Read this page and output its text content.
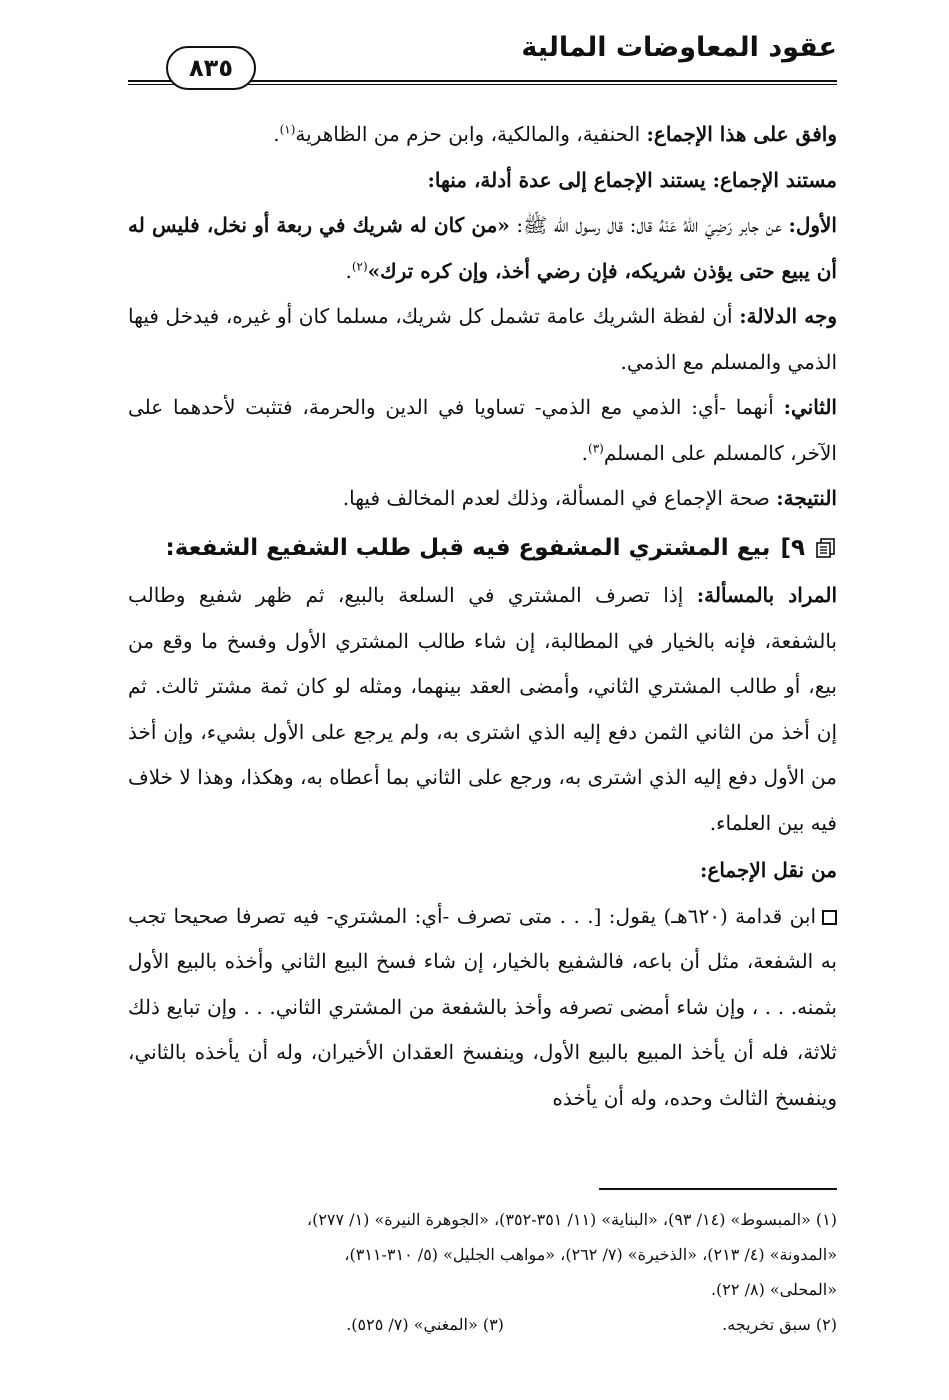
عقود المعاوضات المالية
٨٣٥

وافق على هذا الإجماع: الحنفية، والمالكية، وابن حزم من الظاهرية$^{(١)}$.

مستند الإجماع: يستند الإجماع إلى عدة أدلة، منها:

الأول: عن جابر رَضِيَ اللهُ عَنْهُ قال: قال رسول الله ﷺ: «من كان له شريك في ربعة أو نخل، فليس له أن يبيع حتى يؤذن شريكه، فإن رضي أخذ، وإن كره ترك»$^{(٢)}$.

وجه الدلالة: أن لفظة الشريك عامة تشمل كل شريك، مسلما كان أو غيره، فيدخل فيها الذمي والمسلم مع الذمي.

الثاني: أنهما -أي: الذمي مع الذمي- تساويا في الدين والحرمة، فتثبت لأحدهما على الآخر، كالمسلم على المسلم$^{(٣)}$.

النتيجة: صحة الإجماع في المسألة، وذلك لعدم المخالف فيها.

٩]
بيع المشتري المشفوع فيه قبل طلب الشفيع الشفعة:

المراد بالمسألة: إذا تصرف المشتري في السلعة بالبيع، ثم ظهر شفيع وطالب بالشفعة، فإنه بالخيار في المطالبة، إن شاء طالب المشتري الأول وفسخ ما وقع من بيع، أو طالب المشتري الثاني، وأمضى العقد بينهما، ومثله لو كان ثمة مشتر ثالث. ثم إن أخذ من الثاني الثمن دفع إليه الذي اشترى به، ولم يرجع على الأول بشيء، وإن أخذ من الأول دفع إليه الذي اشترى به، ورجع على الثاني بما أعطاه به، وهكذا، وهذا لا خلاف فيه بين العلماء.

من نقل الإجماع:

ابن قدامة (٦٢٠هـ) يقول: [. . . متى تصرف -أي: المشتري- فيه تصرفا صحيحا تجب به الشفعة، مثل أن باعه، فالشفيع بالخيار، إن شاء فسخ البيع الثاني وأخذه بالبيع الأول بثمنه. . . ، وإن شاء أمضى تصرفه وأخذ بالشفعة من المشتري الثاني. . . وإن تبايع ذلك ثلاثة، فله أن يأخذ المبيع بالبيع الأول، وينفسخ العقدان الأخيران، وله أن يأخذه بالثاني، وينفسخ الثالث وحده، وله أن يأخذه

(١) «المبسوط» (١٤/ ٩٣)، «البناية» (١١/ ٣٥١-٣٥٢)، «الجوهرة النيرة» (١/ ٢٧٧)،
«المدونة» (٤/ ٢١٣)، «الذخيرة» (٧/ ٢٦٢)، «مواهب الجليل» (٥/ ٣١٠-٣١١)،
«المحلى» (٨/ ٢٢).
(٢) سبق تخريجه.
(٣) «المغني» (٧/ ٥٢٥).
